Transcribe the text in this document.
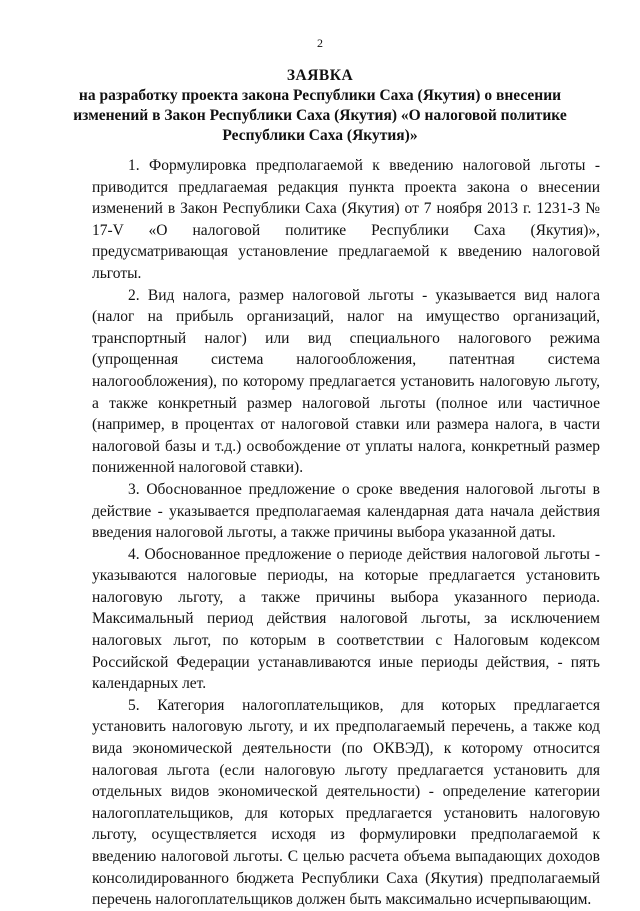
2
ЗАЯВКА
на разработку проекта закона Республики Саха (Якутия) о внесении изменений в Закон Республики Саха (Якутия) «О налоговой политике Республики Саха (Якутия)»

1. Формулировка предполагаемой к введению налоговой льготы - приводится предлагаемая редакция пункта проекта закона о внесении изменений в Закон Республики Саха (Якутия) от 7 ноября 2013 г. 1231-З № 17-V «О налоговой политике Республики Саха (Якутия)», предусматривающая установление предлагаемой к введению налоговой льготы.

2. Вид налога, размер налоговой льготы - указывается вид налога (налог на прибыль организаций, налог на имущество организаций, транспортный налог) или вид специального налогового режима (упрощенная система налогообложения, патентная система налогообложения), по которому предлагается установить налоговую льготу, а также конкретный размер налоговой льготы (полное или частичное (например, в процентах от налоговой ставки или размера налога, в части налоговой базы и т.д.) освобождение от уплаты налога, конкретный размер пониженной налоговой ставки).

3. Обоснованное предложение о сроке введения налоговой льготы в действие - указывается предполагаемая календарная дата начала действия введения налоговой льготы, а также причины выбора указанной даты.

4. Обоснованное предложение о периоде действия налоговой льготы - указываются налоговые периоды, на которые предлагается установить налоговую льготу, а также причины выбора указанного периода. Максимальный период действия налоговой льготы, за исключением налоговых льгот, по которым в соответствии с Налоговым кодексом Российской Федерации устанавливаются иные периоды действия, - пять календарных лет.

5. Категория налогоплательщиков, для которых предлагается установить налоговую льготу, и их предполагаемый перечень, а также код вида экономической деятельности (по ОКВЭД), к которому относится налоговая льгота (если налоговую льготу предлагается установить для отдельных видов экономической деятельности) - определение категории налогоплательщиков, для которых предлагается установить налоговую льготу, осуществляется исходя из формулировки предполагаемой к введению налоговой льготы. С целью расчета объема выпадающих доходов консолидированного бюджета Республики Саха (Якутия) предполагаемый перечень налогоплательщиков должен быть максимально исчерпывающим.
